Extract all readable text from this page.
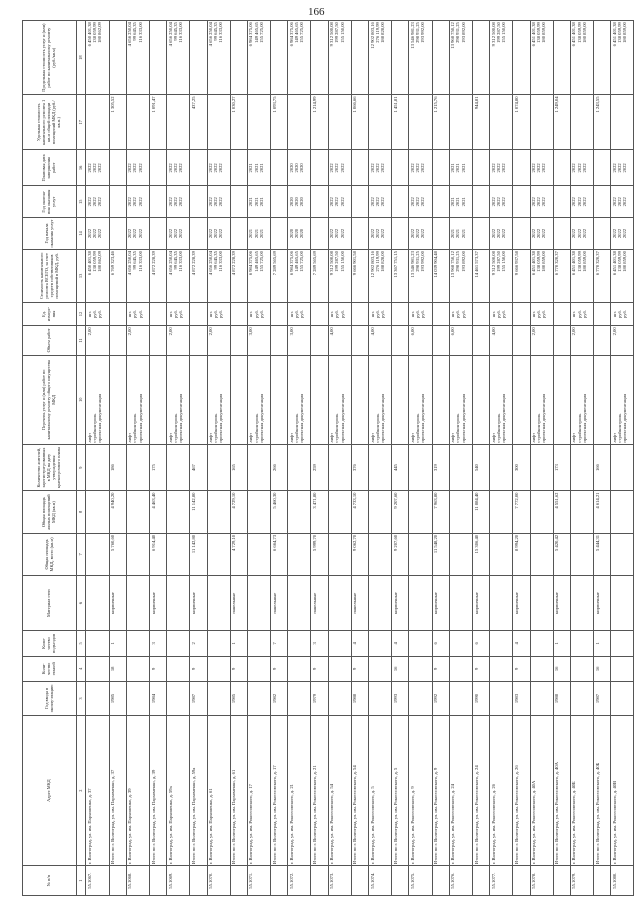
166
№ п/п	Адрес МКД	Год ввода в эксплу-атацию	Коли-чество этажей	Коли-чество подъездов	Материал стен	Общая площадь МКД, всего (кв.м)	Общая площадь жилых помещений МКД (кв.м)	Количество жителей, зарегистри-рованных в МКД на дату утверждения краткосрочного плана	Перечень услуг и (или) работ по капитальному ремонту общего имущества МКД	Объем работ	Ед. измере-ния	Стоимость капитального ремонта ВСЕГО, за счет средств собственников помещений в МКД, руб.	Год начала оказания услуг	Год оконча-ния оказания услуг	Плановая дата завершения работ	Удельная стоимость капитального ремонта 1 кв.м общей площади помещений МКД (руб./кв.м.)	Предельная стоимость услуг и (или) работ по капитальному ремонту (руб./кв.м)
1	2	3	4	5	6	7	8	9	10	11	12	13	14	15	16	17	18
55.1067.	г. Волгоград, ул. им. Пархоменко, д. 37								лифт стройконтроль проектная документация	2,00	шт. руб. руб.	6 450 401,38 138 059,99 180 862,09	2022 2022 2022	2022 2022 2022	2022 2022 2022		6 450 401,38 138 059,99 180 862,09

	Итого по г. Волгоград, ул. им. Пархоменко, д. 37	1985	18	1	кирпичные	5 760,60	4 940,20	186				6 769 323,46				1 305,52	
55.1068.	г. Волгоград, ул. им. Пархоменко, д. 39								лифт стройконтроль проектная документация	2,00	шт. руб. руб.	4 656 250,04 99 645,35 116 333,00	2022 2022 2022	2022 2022 2022	2022 2022 2022		4 656 250,04 99 645,35 116 333,00

	Итого по г. Волгоград, ул. им. Пархоменко, д. 39	1984	9	3	кирпичные	6 914,40	4 463,40	175				4 872 228,39				1 091,47	
55.1069.	г. Волгоград, ул. им. Пархоменко, д. 59а								лифт стройконтроль проектная документация	2,00	шт. руб. руб.	4 656 250,04 99 645,35 116 333,00	2022 2022 2022	2022 2022 2022	2022 2022 2022		4 656 250,04 99 645,35 116 333,00

	Итого по г. Волгоград, ул. им. Пархоменко, д. 59а	1987	9	2	кирпичные	11 142,80	11 142,80	467				4 872 228,39				437,25	
55.1070.	г. Волгоград, ул. им. Пархоменко, д. 61								лифт стройконтроль проектная документация	2,00	шт. руб. руб.	4 656 250,04 99 645,35 116 333,00	2022 2022 2022	2022 2022 2022	2022 2022 2022		4 656 250,04 99 645,35 116 333,00

	Итого по г. Волгоград, ул. им. Пархоменко, д. 61	1985	9	1	панельные	4 729,10	4 729,10	165				4 872 228,39				1 030,27	
55.1071.	г. Волгоград, ул. им. Рокоссовского, д. 17								лифт стройконтроль проектная документация	3,00	шт. руб. руб.	6 984 375,06 149 465,65 155 725,00	2021 2021 2021	2021 2021 2021	2021 2021 2021		6 984 375,06 149 465,65 155 725,00

	Итого по г. Волгоград, ул. им. Рокоссовского, д. 17	1982	9	7	панельные	6 664,73	5 460,30	266				7 289 565,69				1 093,75	
55.1072.	г. Волгоград, ул. им. Рокоссовского, д. 21								лифт стройконтроль проектная документация	3,00	шт. руб. руб.	6 984 375,06 149 465,65 155 725,00	2020 2020 2020	2020 2020 2020	2020 2020 2020		6 984 375,06 149 465,65 155 725,00

	Итого по г. Волгоград, ул. им. Рокоссовского, д. 21	1979	9	3	панельные	5 999,70	3 471,80	259				7 289 565,69				1 214,99	
55.1073.	г. Волгоград, ул. им. Рокоссовского, д. 54								лифт стройконтроль проектная документация	4,00	шт. руб. руб.	9 312 500,08 199 287,50 155 150,00	2022 2022 2022	2022 2022 2022	2022 2022 2022		9 312 500,08 199 287,50 155 150,00

	Итого по г. Волгоград, ул. им. Рокоссовского, д. 54	1988	9	4	панельные	9 062,70	4 733,10	376				9 666 901,58				1 066,66	
55.1074.	г. Волгоград, ул. им. Рокоссовского, д. 5								лифт стройконтроль проектная документация	4,00	шт. руб. руб.	12 902 803,16 276 119,99 188 828,00	2022 2022 2022	2022 2022 2022	2022 2022 2022		12 902 803,16 276 119,99 188 828,00

	Итого по г. Волгоград, ул. им. Рокоссовского, д. 5	1993	16	4	кирпичные	9 207,60	9 207,60	445				13 367 751,15				1 451,81	
55.1075.	г. Волгоград, ул. им. Рокоссовского, д. 9								лифт стройконтроль проектная документация	6,00	шт. руб. руб.	13 546 981,23 298 931,25 193 992,00	2022 2022 2022	2022 2022 2022	2022 2022 2022		13 546 981,23 298 931,25 193 992,00

	Итого по г. Волгоград, ул. им. Рокоссовского, д. 9	1992	9	6	кирпичные	11 548,20	7 963,80	319				14 039 904,48				1 215,76	
55.1076.	г. Волгоград, ул. им. Рокоссовского, д. 24								лифт стройконтроль проектная документация	6,00	шт. руб. руб.	13 968 750,12 298 931,25 193 892,00	2021 2021 2021	2021 2021 2021	2021 2021 2021		13 968 750,12 298 931,25 193 892,00

	Итого по г. Волгоград, ул. им. Рокоссовского, д. 24	1990	9	6	кирпичные	15 306,40	11 884,40	540				14 461 573,37				944,81	
55.1077.	г. Волгоград, ул. им. Рокоссовского, д. 26								лифт стройконтроль проектная документация	4,00	шт. руб. руб.	9 312 500,08 199 287,50 155 150,00	2022 2022 2022	2022 2022 2022	2022 2022 2022		9 312 500,08 199 287,50 155 150,00

	Итого по г. Волгоград, ул. им. Рокоссовского, д. 26	1983	9	4	кирпичные	8 994,20	7 772,00	300				9 666 937,58				1 074,80	
55.1078.	г. Волгоград, ул. им. Рокоссовского, д. 40А								лифт стройконтроль проектная документация	2,00	шт. руб. руб.	6 451 401,38 138 059,99 180 859,00	2022 2022 2022	2022 2022 2022	2022 2022 2022		6 451 401,38 138 059,99 180 859,00

	Итого по г. Волгоград, ул. им. Рокоссовского, д. 40А	1988	16	1	кирпичные	5 420,42	4 551,62	173				6 770 320,37				1 249,04	
55.1079.	г. Волгоград, ул. им. Рокоссовского, д. 40Б								лифт стройконтроль проектная документация	2,00	шт. руб. руб.	6 451 401,38 138 059,99 180 859,00	2022 2022 2022	2022 2022 2022	2022 2022 2022		6 451 401,38 138 059,99 180 859,00

	Итого по г. Волгоград, ул. им. Рокоссовского, д. 40Б	1987	16	1	кирпичные	5 444,31	4 614,21	166				6 770 320,37				1 243,55	
55.1080.	г. Волгоград, ул. им. Рокоссовского, д. 40В								лифт стройконтроль проектная документация	2,00	шт. руб. руб.	6 451 401,38 138 059,99 180 859,00	2022 2022 2022	2022 2022 2022	2022 2022 2022		6 451 401,38 138 059,99 180 859,00
